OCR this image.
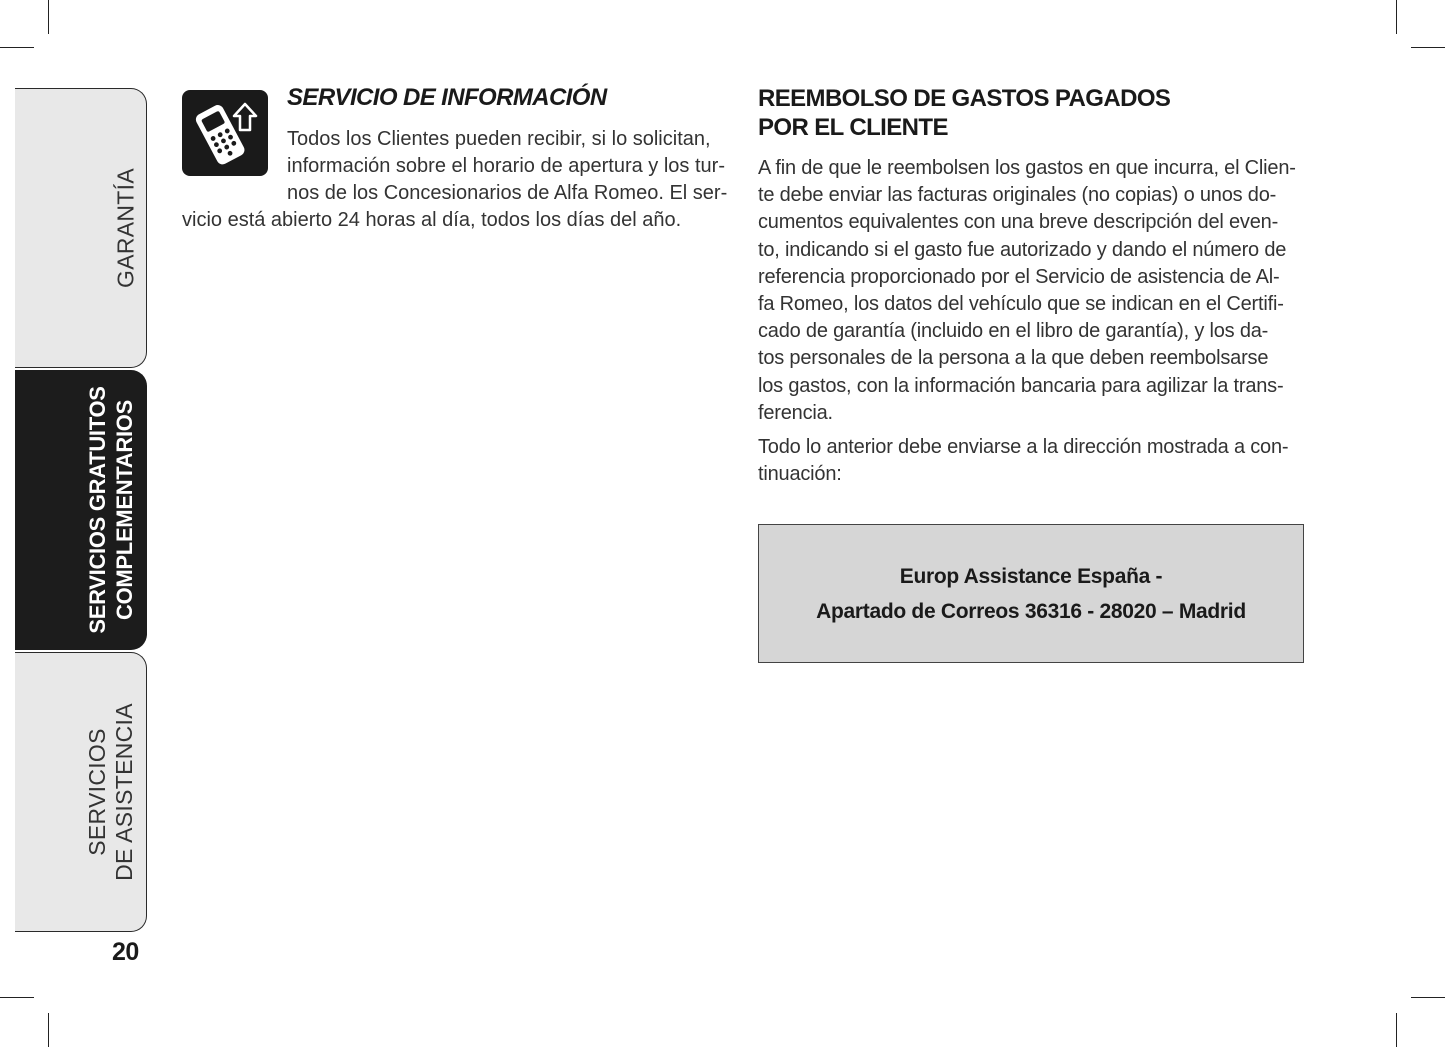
GARANTÍA
SERVICIOS GRATUITOS COMPLEMENTARIOS
SERVICIOS DE ASISTENCIA
20
SERVICIO DE INFORMACIÓN
Todos los Clientes pueden recibir, si lo solicitan,
información sobre el horario de apertura y los tur-
nos de los Concesionarios de Alfa Romeo. El ser-
vicio está abierto 24 horas al día, todos los días del año.
REEMBOLSO DE GASTOS PAGADOS
POR EL CLIENTE
A fin de que le reembolsen los gastos en que incurra, el Clien-
te debe enviar las facturas originales (no copias) o unos do-
cumentos equivalentes con una breve descripción del even-
to, indicando si el gasto fue autorizado y dando el número de
referencia proporcionado por el Servicio de asistencia de Al-
fa Romeo, los datos del vehículo que se indican en el Certifi-
cado de garantía (incluido en el libro de garantía), y los da-
tos personales de la persona a la que deben reembolsarse
los gastos, con la información bancaria para agilizar la trans-
ferencia.
Todo lo anterior debe enviarse a la dirección mostrada a con-
tinuación:
Europ Assistance España -
Apartado de Correos 36316 - 28020 – Madrid
